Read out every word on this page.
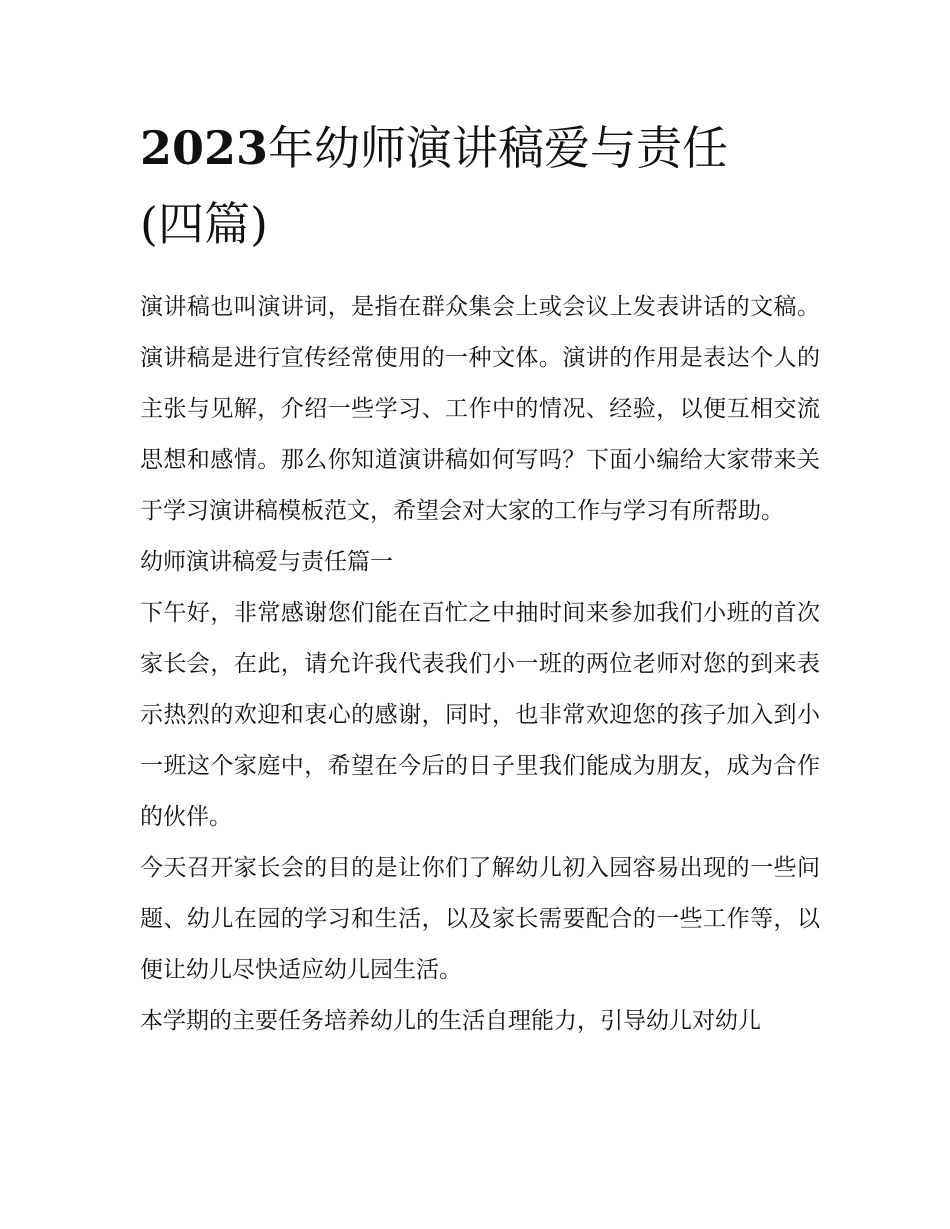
2023年幼师演讲稿爱与责任
(四篇)

演讲稿也叫演讲词，是指在群众集会上或会议上发表讲话的文稿。演讲稿是进行宣传经常使用的一种文体。演讲的作用是表达个人的主张与见解，介绍一些学习、工作中的情况、经验，以便互相交流思想和感情。那么你知道演讲稿如何写吗？下面小编给大家带来关于学习演讲稿模板范文，希望会对大家的工作与学习有所帮助。

幼师演讲稿爱与责任篇一

下午好，非常感谢您们能在百忙之中抽时间来参加我们小班的首次家长会，在此，请允许我代表我们小一班的两位老师对您的到来表示热烈的欢迎和衷心的感谢，同时，也非常欢迎您的孩子加入到小一班这个家庭中，希望在今后的日子里我们能成为朋友，成为合作的伙伴。

今天召开家长会的目的是让你们了解幼儿初入园容易出现的一些问题、幼儿在园的学习和生活，以及家长需要配合的一些工作等，以便让幼儿尽快适应幼儿园生活。

本学期的主要任务培养幼儿的生活自理能力，引导幼儿对幼儿
